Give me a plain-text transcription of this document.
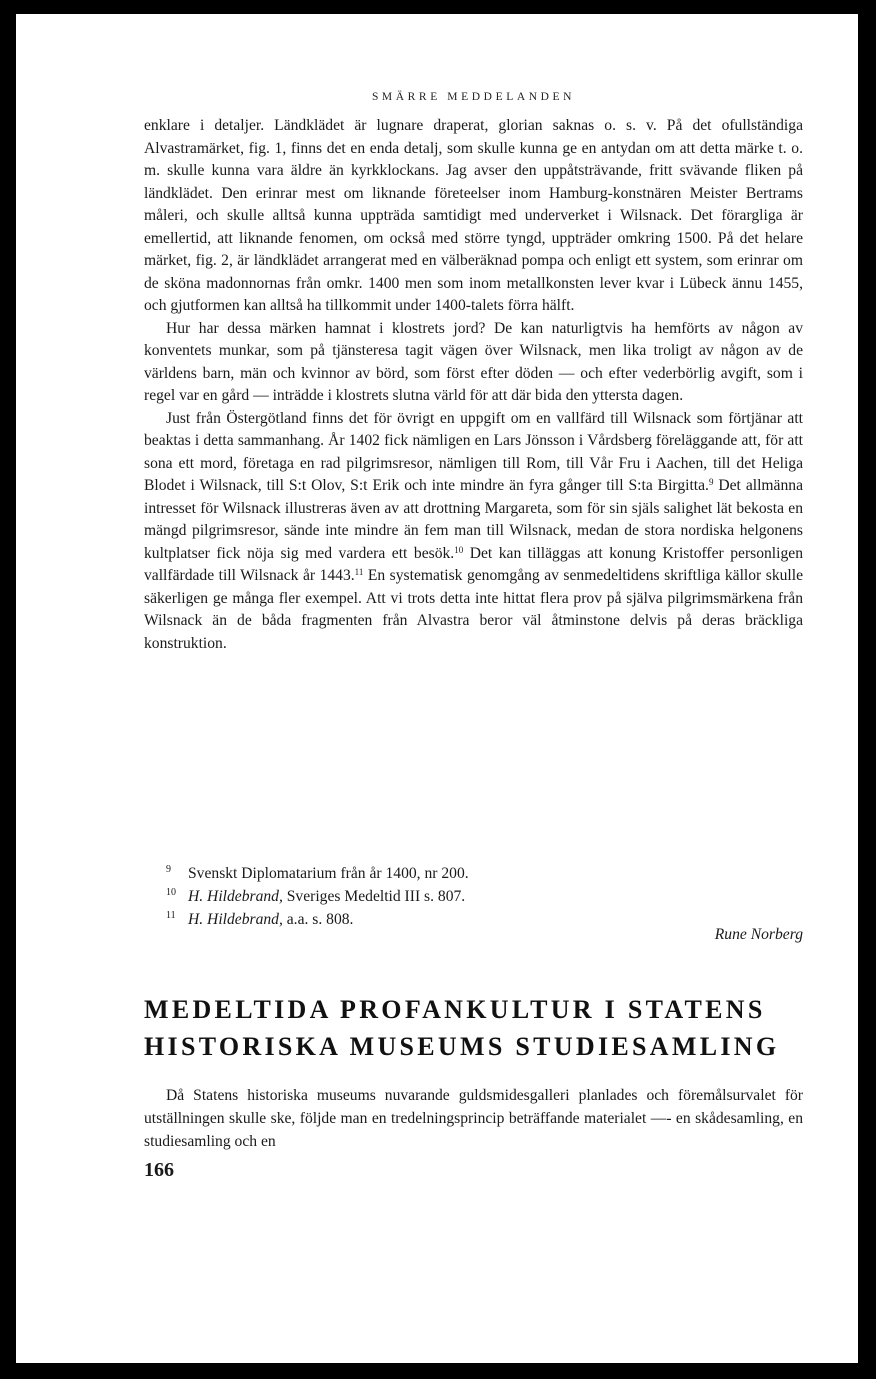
SMÄRRE MEDDELANDEN

enklare i detaljer. Ländklädet är lugnare draperat, glorian saknas o. s. v. På det ofullständiga Alvastramärket, fig. 1, finns det en enda detalj, som skulle kunna ge en antydan om att detta märke t. o. m. skulle kunna vara äldre än kyrkklockans. Jag avser den uppåtsträvande, fritt svävande fliken på ländklädet. Den erinrar mest om liknande företeelser inom Hamburg-konstnären Meister Bertrams måleri, och skulle alltså kunna uppträda samtidigt med underverket i Wilsnack. Det förargliga är emellertid, att liknande fenomen, om också med större tyngd, uppträder omkring 1500. På det helare märket, fig. 2, är ländklädet arrangerat med en välberäknad pompa och enligt ett system, som erinrar om de sköna madonnornas från omkr. 1400 men som inom metallkonsten lever kvar i Lübeck ännu 1455, och gjutformen kan alltså ha tillkommit under 1400-talets förra hälft.

Hur har dessa märken hamnat i klostrets jord? De kan naturligtvis ha hemförts av någon av konventets munkar, som på tjänsteresa tagit vägen över Wilsnack, men lika troligt av någon av de världens barn, män och kvinnor av börd, som först efter döden — och efter vederbörlig avgift, som i regel var en gård — inträdde i klostrets slutna värld för att där bida den yttersta dagen.

Just från Östergötland finns det för övrigt en uppgift om en vallfärd till Wilsnack som förtjänar att beaktas i detta sammanhang. År 1402 fick nämligen en Lars Jönsson i Vårdsberg föreläggande att, för att sona ett mord, företaga en rad pilgrimsresor, nämligen till Rom, till Vår Fru i Aachen, till det Heliga Blodet i Wilsnack, till S:t Olov, S:t Erik och inte mindre än fyra gånger till S:ta Birgitta.$^9$ Det allmänna intresset för Wilsnack illustreras även av att drottning Margareta, som för sin själs salighet lät bekosta en mängd pilgrimsresor, sände inte mindre än fem man till Wilsnack, medan de stora nordiska helgonens kultplatser fick nöja sig med vardera ett besök.$^{10}$ Det kan tilläggas att konung Kristoffer personligen vallfärdade till Wilsnack år 1443.11 En systematisk genomgång av senmedeltidens skriftliga källor skulle säkerligen ge många fler exempel. Att vi trots detta inte hittat flera prov på själva pilgrimsmärkena från Wilsnack än de båda fragmenten från Alvastra beror väl åtminstone delvis på deras bräckliga konstruktion.

9	Svenskt Diplomatarium från år 1400, nr 200.
10 H. Hildebrand, Sveriges Medeltid III s. 807.
11 H. Hildebrand, a.a. s. 808.
Rune Norberg
MEDELTIDA PROFANKULTUR I STATENS
HISTORISKA MUSEUMS STUDIESAMLING

Då Statens historiska museums nuvarande guldsmidesgalleri planlades och föremålsurvalet för utställningen skulle ske, följde man en tredelningsprincip beträffande materialet —- en skådesamling, en studiesamling och en

166
